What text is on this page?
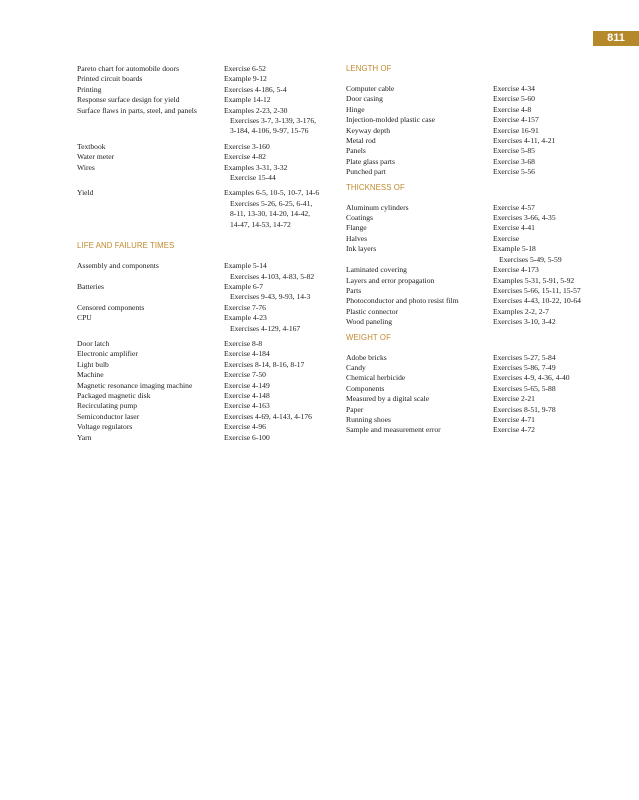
811
Pareto chart for automobile doors	Exercise 6-52
Printed circuit boards	Example 9-12
Printing	Exercises 4-186, 5-4
Response surface design for yield	Example 14-12
Surface flaws in parts, steel, and panels	Examples 2-23, 2-30
Exercises 3-7, 3-139, 3-176,
3-184, 4-106, 9-97, 15-76
Textbook	Exercise 3-160
Water meter	Exercise 4-82
Wires	Examples 3-31, 3-32
Exercise 15-44
Yield	Examples 6-5, 10-5, 10-7, 14-6
Exercises 5-26, 6-25, 6-41,
8-11, 13-30, 14-20, 14-42,
14-47, 14-53, 14-72
LIFE AND FAILURE TIMES
Assembly and components	Example 5-14
Exercises 4-103, 4-83, 5-82
Batteries	Example 6-7
Exercises 9-43, 9-93, 14-3
Censored components	Exercise 7-76
CPU	Example 4-23
Exercises 4-129, 4-167
Door latch	Exercise 8-8
Electronic amplifier	Exercise 4-184
Light bulb	Exercises 8-14, 8-16, 8-17
Machine	Exercise 7-50
Magnetic resonance imaging machine	Exercise 4-149
Packaged magnetic disk	Exercise 4-148
Recirculating pump	Exercise 4-163
Semiconductor laser	Exercises 4-69, 4-143, 4-176
Voltage regulators	Exercise 4-96
Yarn	Exercise 6-100
LENGTH OF
Computer cable	Exercise 4-34
Door casing	Exercise 5-60
Hinge	Exercise 4-8
Injection-molded plastic case	Exercise 4-157
Keyway depth	Exercise 16-91
Metal rod	Exercises 4-11, 4-21
Panels	Exercise 5-85
Plate glass parts	Exercise 3-68
Punched part	Exercise 5-56
THICKNESS OF
Aluminum cylinders	Exercise 4-57
Coatings	Exercises 3-66, 4-35
Flange	Exercise 4-41
Halves	Exercise
Ink layers	Example 5-18
Exercises 5-49, 5-59
Laminated covering	Exercise 4-173
Layers and error propagation	Examples 5-31, 5-91, 5-92
Parts	Exercises 5-66, 15-11, 15-57
Photoconductor and photo resist film	Exercises 4-43, 10-22, 10-64
Plastic connector	Examples 2-2, 2-7
Wood paneling	Exercises 3-10, 3-42
WEIGHT OF
Adobe bricks	Exercises 5-27, 5-84
Candy	Exercises 5-86, 7-49
Chemical herbicide	Exercises 4-9, 4-36, 4-40
Components	Exercises 5-65, 5-88
Measured by a digital scale	Exercise 2-21
Paper	Exercises 8-51, 9-78
Running shoes	Exercise 4-71
Sample and measurement error	Exercise 4-72
